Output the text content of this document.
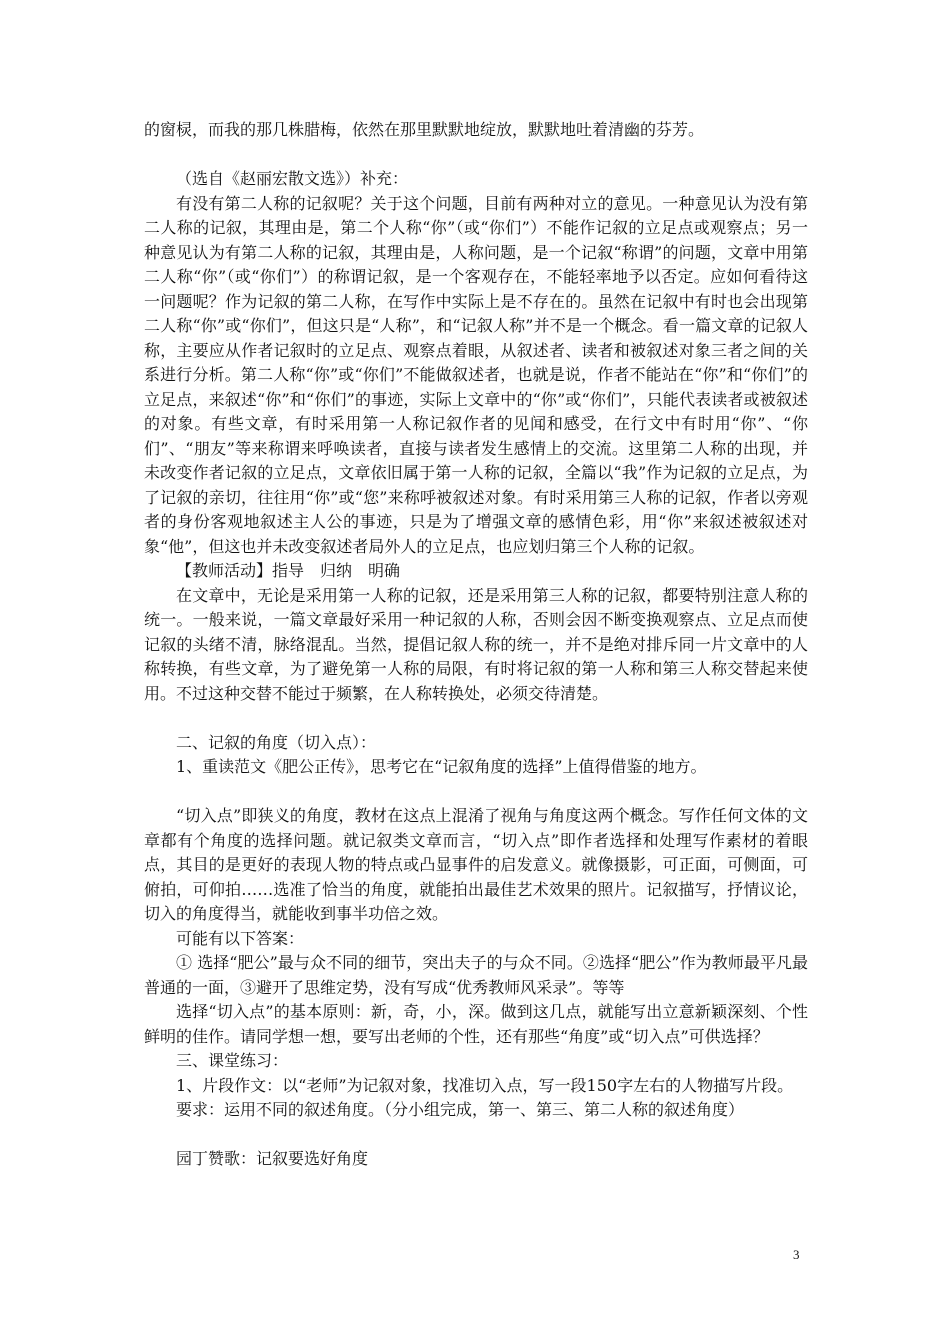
的窗棂，而我的那几株腊梅，依然在那里默默地绽放，默默地吐着清幽的芬芳。

（选自《赵丽宏散文选》）补充：

有没有第二人称的记叙呢？关于这个问题，目前有两种对立的意见。一种意见认为没有第二人称的记叙，其理由是，第二个人称“你”（或“你们”）不能作记叙的立足点或观察点；另一种意见认为有第二人称的记叙，其理由是，人称问题，是一个记叙“称谓”的问题，文章中用第二人称“你”（或“你们”）的称谓记叙，是一个客观存在，不能轻率地予以否定。应如何看待这一问题呢？作为记叙的第二人称，在写作中实际上是不存在的。虽然在记叙中有时也会出现第二人称“你”或“你们”，但这只是“人称”，和“记叙人称”并不是一个概念。看一篇文章的记叙人称，主要应从作者记叙时的立足点、观察点着眼，从叙述者、读者和被叙述对象三者之间的关系进行分析。第二人称“你”或“你们”不能做叙述者，也就是说，作者不能站在“你”和“你们”的立足点，来叙述“你”和“你们”的事迹，实际上文章中的“你”或“你们”，只能代表读者或被叙述的对象。有些文章，有时采用第一人称记叙作者的见闻和感受，在行文中有时用“你”、“你们”、“朋友”等来称谓来呼唤读者，直接与读者发生感情上的交流。这里第二人称的出现，并未改变作者记叙的立足点，文章依旧属于第一人称的记叙，全篇以“我”作为记叙的立足点，为了记叙的亲切，往往用“你”或“您”来称呼被叙述对象。有时采用第三人称的记叙，作者以旁观者的身份客观地叙述主人公的事迹，只是为了增强文章的感情色彩，用“你”来叙述被叙述对象“他”，但这也并未改变叙述者局外人的立足点，也应划归第三个人称的记叙。

【教师活动】指导　归纳　明确

在文章中，无论是采用第一人称的记叙，还是采用第三人称的记叙，都要特别注意人称的统一。一般来说，一篇文章最好采用一种记叙的人称，否则会因不断变换观察点、立足点而使记叙的头绪不清，脉络混乱。当然，提倡记叙人称的统一，并不是绝对排斥同一片文章中的人称转换，有些文章，为了避免第一人称的局限，有时将记叙的第一人称和第三人称交替起来使用。不过这种交替不能过于频繁，在人称转换处，必须交待清楚。

二、记叙的角度（切入点）：

1、重读范文《肥公正传》，思考它在“记叙角度的选择”上值得借鉴的地方。

“切入点”即狭义的角度，教材在这点上混淆了视角与角度这两个概念。写作任何文体的文章都有个角度的选择问题。就记叙类文章而言，“切入点”即作者选择和处理写作素材的着眼点，其目的是更好的表现人物的特点或凸显事件的启发意义。就像摄影，可正面，可侧面，可俯拍，可仰拍……选准了恰当的角度，就能拍出最佳艺术效果的照片。记叙描写，抒情议论，切入的角度得当，就能收到事半功倍之效。

可能有以下答案：

① 选择“肥公”最与众不同的细节，突出夫子的与众不同。②选择“肥公”作为教师最平凡最普通的一面，③避开了思维定势，没有写成“优秀教师风采录”。等等

选择“切入点”的基本原则：新，奇，小，深。做到这几点，就能写出立意新颖深刻、个性鲜明的佳作。请同学想一想，要写出老师的个性，还有那些“角度”或“切入点”可供选择？

三、课堂练习：

1、片段作文：以“老师”为记叙对象，找准切入点，写一段150字左右的人物描写片段。

要求：运用不同的叙述角度。（分小组完成，第一、第三、第二人称的叙述角度）

园丁赞歌：记叙要选好角度

3
